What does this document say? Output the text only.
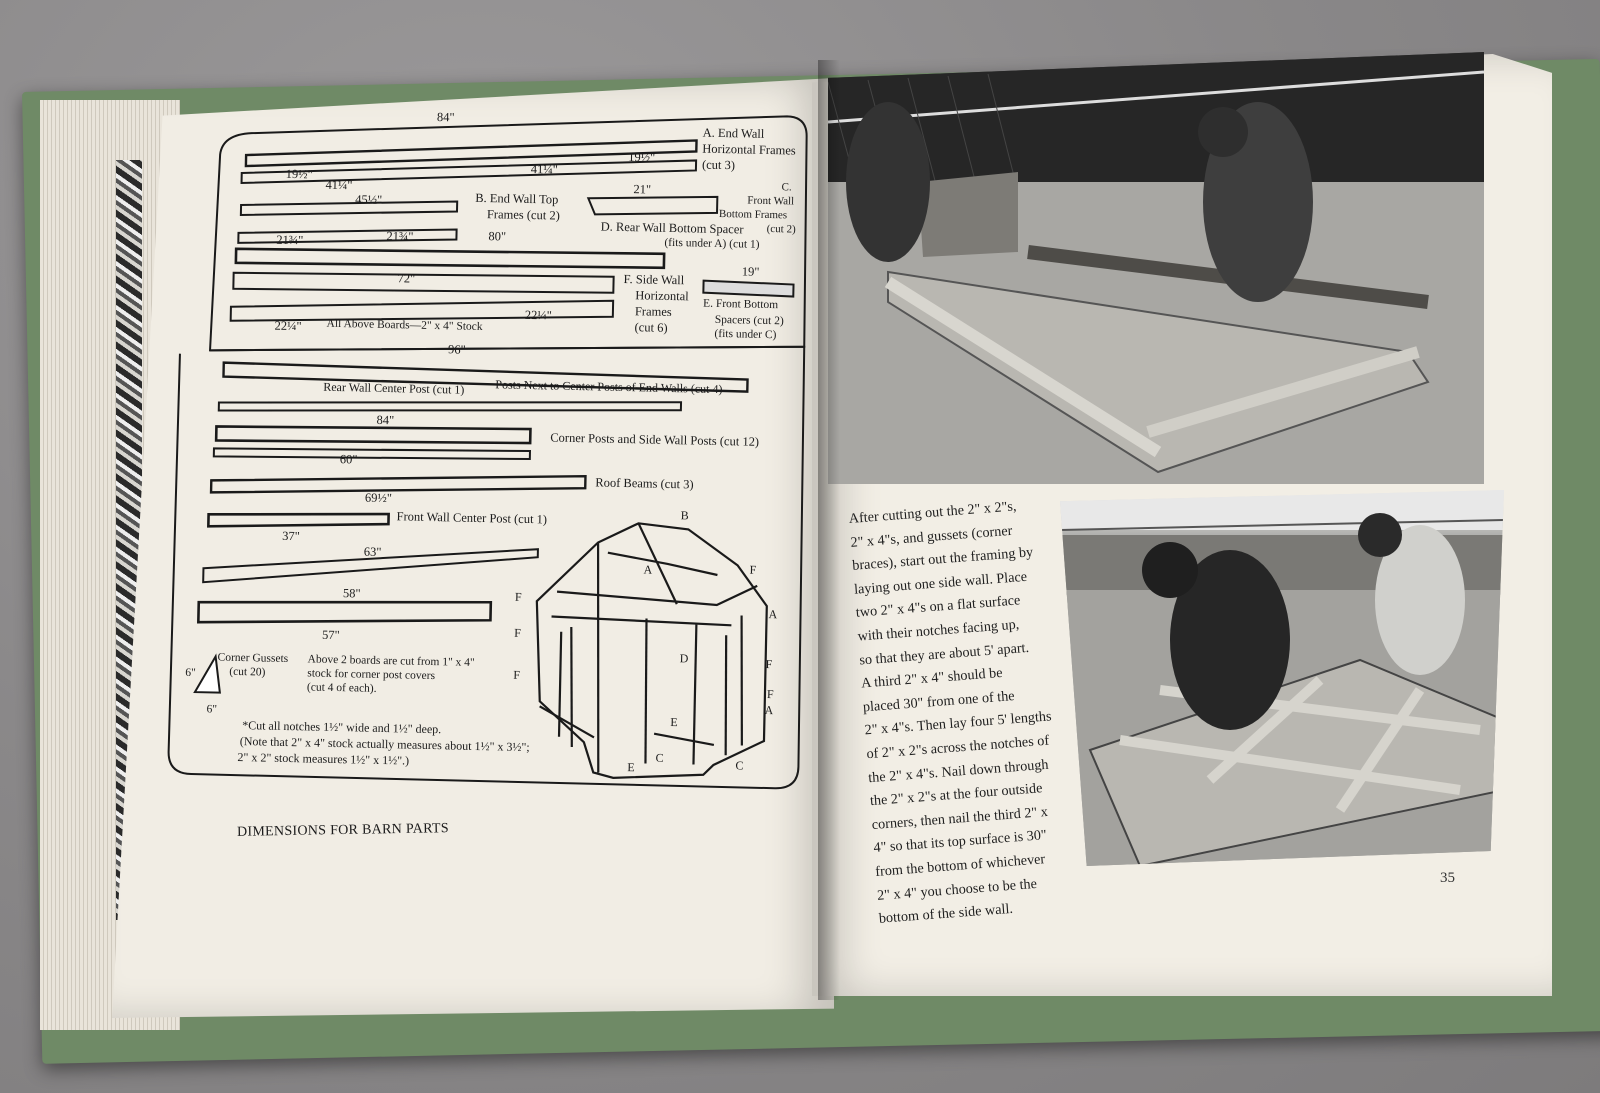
84"
A. End Wall
Horizontal Frames
(cut 3)
19½"
19½"
41¼"
41¼"
45½"	B. End Wall Top
Frames (cut 2)
21"	C.
Front Wall
Bottom Frames
(cut 2)
D. Rear Wall Bottom Spacer
(fits under A) (cut 1)
21¾"	21¾"	80"
19"
72"	F. Side Wall
Horizontal
Frames
(cut 6)
E. Front Bottom
Spacers (cut 2)
(fits under C)
22¼"
22¼"
All Above Boards—2" x 4" Stock
96"
Rear Wall Center Post (cut 1)	Posts Next to Center Posts of End Walls (cut 4)
84"
Corner Posts and Side Wall Posts (cut 12)
60"
Roof Beams (cut 3)
69½"
Front Wall Center Post (cut 1)
37"
63"
58"
57"
Corner Gussets
(cut 20)
6"
6"
Above 2 boards are cut from 1" x 4"
stock for corner post covers
(cut 4 of each).
*Cut all notches 1½" wide and 1½" deep.
(Note that 2" x 4" stock actually measures about 1½" x 3½";
2" x 2" stock measures 1½" x 1½".)
B
A	F
F
A
F
F
F
F
A
D
E
C
E	C
DIMENSIONS FOR BARN PARTS
After cutting out the 2" x 2"s,
2" x 4"s, and gussets (corner
braces), start out the framing by
laying out one side wall. Place
two 2" x 4"s on a flat surface
with their notches facing up,
so that they are about 5' apart.
A third 2" x 4" should be
placed 30" from one of the
2" x 4"s. Then lay four 5' lengths
of 2" x 2"s across the notches of
the 2" x 4"s. Nail down through
the 2" x 2"s at the four outside
corners, then nail the third 2" x
4" so that its top surface is 30"
from the bottom of whichever
2" x 4" you choose to be the
bottom of the side wall.
35
